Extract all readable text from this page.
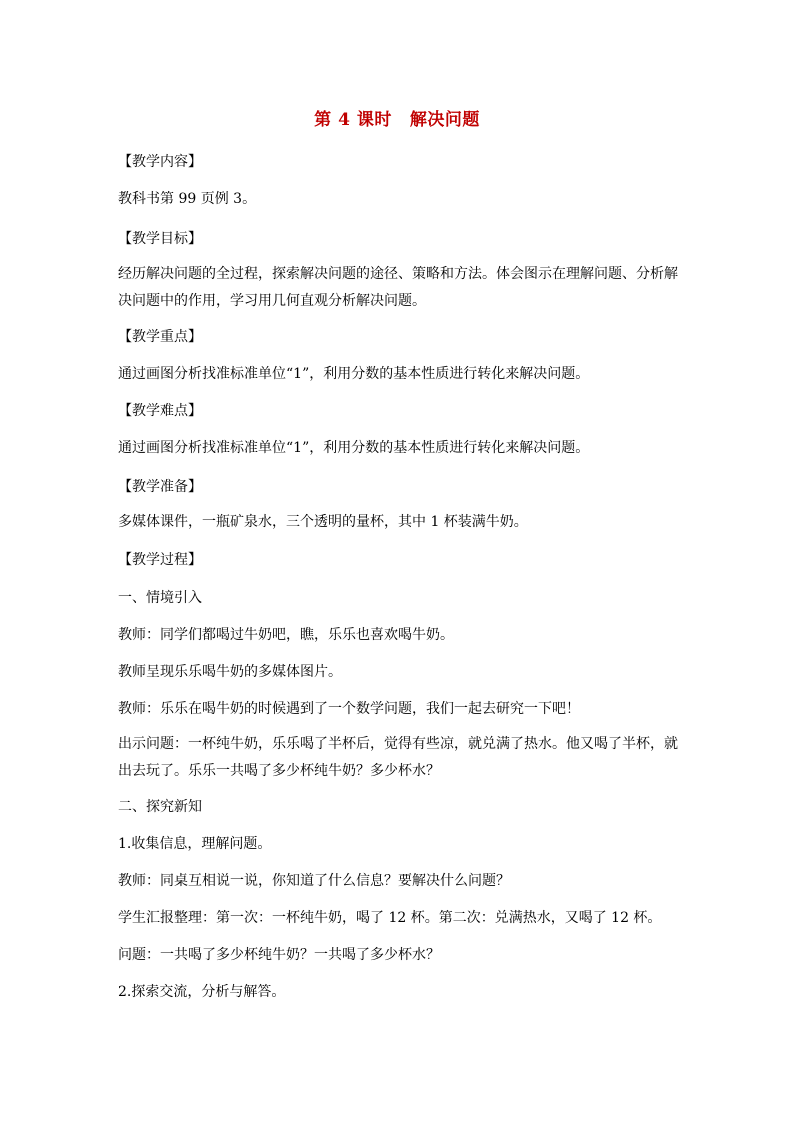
第 4 课时 解决问题
【教学内容】
教科书第 99 页例 3。
【教学目标】
经历解决问题的全过程，探索解决问题的途径、策略和方法。体会图示在理解问题、分析解决问题中的作用，学习用几何直观分析解决问题。
【教学重点】
通过画图分析找准标准单位“1”，利用分数的基本性质进行转化来解决问题。
【教学难点】
通过画图分析找准标准单位“1”，利用分数的基本性质进行转化来解决问题。
【教学准备】
多媒体课件，一瓶矿泉水，三个透明的量杯，其中 1 杯装满牛奶。
【教学过程】
一、情境引入
教师：同学们都喝过牛奶吧，瞧，乐乐也喜欢喝牛奶。
教师呈现乐乐喝牛奶的多媒体图片。
教师：乐乐在喝牛奶的时候遇到了一个数学问题，我们一起去研究一下吧！
出示问题：一杯纯牛奶，乐乐喝了半杯后，觉得有些凉，就兑满了热水。他又喝了半杯，就出去玩了。乐乐一共喝了多少杯纯牛奶？多少杯水？
二、探究新知
1.收集信息，理解问题。
教师：同桌互相说一说，你知道了什么信息？要解决什么问题？
学生汇报整理：第一次：一杯纯牛奶，喝了 12 杯。第二次：兑满热水，又喝了 12 杯。
问题：一共喝了多少杯纯牛奶？一共喝了多少杯水？
2.探索交流，分析与解答。
